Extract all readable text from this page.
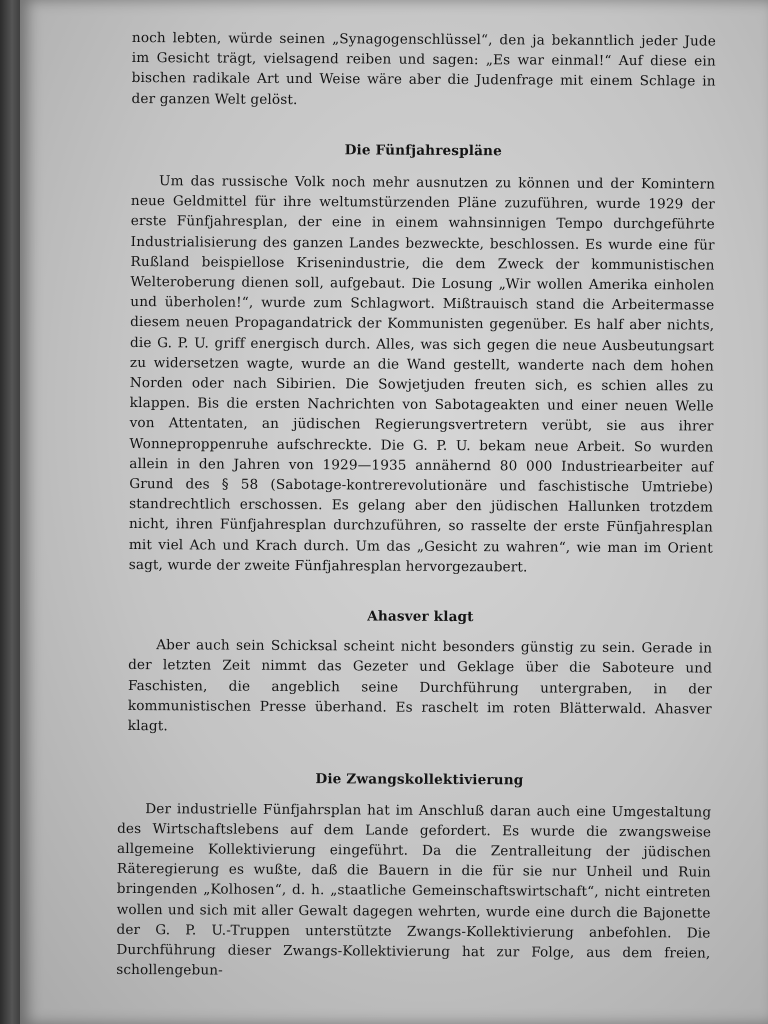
noch lebten, würde seinen „Synagogenschlüssel“, den ja bekanntlich jeder Jude im Gesicht trägt, vielsagend reiben und sagen: „Es war einmal!“ Auf diese ein bischen radikale Art und Weise wäre aber die Judenfrage mit einem Schlage in der ganzen Welt gelöst.

Die Fünfjahrespläne

Um das russische Volk noch mehr ausnutzen zu können und der Komintern neue Geldmittel für ihre weltumstürzenden Pläne zuzuführen, wurde 1929 der erste Fünfjahresplan, der eine in einem wahnsinnigen Tempo durchgeführte Industrialisierung des ganzen Landes bezweckte, beschlossen. Es wurde eine für Rußland beispiellose Krisenindustrie, die dem Zweck der kommunistischen Welteroberung dienen soll, aufgebaut. Die Losung „Wir wollen Amerika einholen und überholen!“, wurde zum Schlagwort. Mißtrauisch stand die Arbeitermasse diesem neuen Propagandatrick der Kommunisten gegenüber. Es half aber nichts, die G. P. U. griff energisch durch. Alles, was sich gegen die neue Ausbeutungsart zu widersetzen wagte, wurde an die Wand gestellt, wanderte nach dem hohen Norden oder nach Sibirien. Die Sowjetjuden freuten sich, es schien alles zu klappen. Bis die ersten Nachrichten von Sabotageakten und einer neuen Welle von Attentaten, an jüdischen Regierungsvertretern verübt, sie aus ihrer Wonneproppenruhe aufschreckte. Die G. P. U. bekam neue Arbeit. So wurden allein in den Jahren von 1929—1935 annähernd 80 000 Industriearbeiter auf Grund des § 58 (Sabotage-kontrerevolutionäre und faschistische Umtriebe) standrechtlich erschossen. Es gelang aber den jüdischen Hallunken trotzdem nicht, ihren Fünfjahresplan durchzuführen, so rasselte der erste Fünfjahresplan mit viel Ach und Krach durch. Um das „Gesicht zu wahren“, wie man im Orient sagt, wurde der zweite Fünfjahresplan hervorgezaubert.

Ahasver klagt

Aber auch sein Schicksal scheint nicht besonders günstig zu sein. Gerade in der letzten Zeit nimmt das Gezeter und Geklage über die Saboteure und Faschisten, die angeblich seine Durchführung untergraben, in der kommunistischen Presse überhand. Es raschelt im roten Blätterwald. Ahasver klagt.

Die Zwangskollektivierung

Der industrielle Fünfjahrsplan hat im Anschluß daran auch eine Umgestaltung des Wirtschaftslebens auf dem Lande gefordert. Es wurde die zwangsweise allgemeine Kollektivierung eingeführt. Da die Zentralleitung der jüdischen Räteregierung es wußte, daß die Bauern in die für sie nur Unheil und Ruin bringenden „Kolhosen“, d. h. „staatliche Gemeinschaftswirtschaft“, nicht eintreten wollen und sich mit aller Gewalt dagegen wehrten, wurde eine durch die Bajonette der G. P. U.-Truppen unterstützte Zwangs-Kollektivierung anbefohlen. Die Durchführung dieser Zwangs-Kollektivierung hat zur Folge, aus dem freien, schollengebun-
